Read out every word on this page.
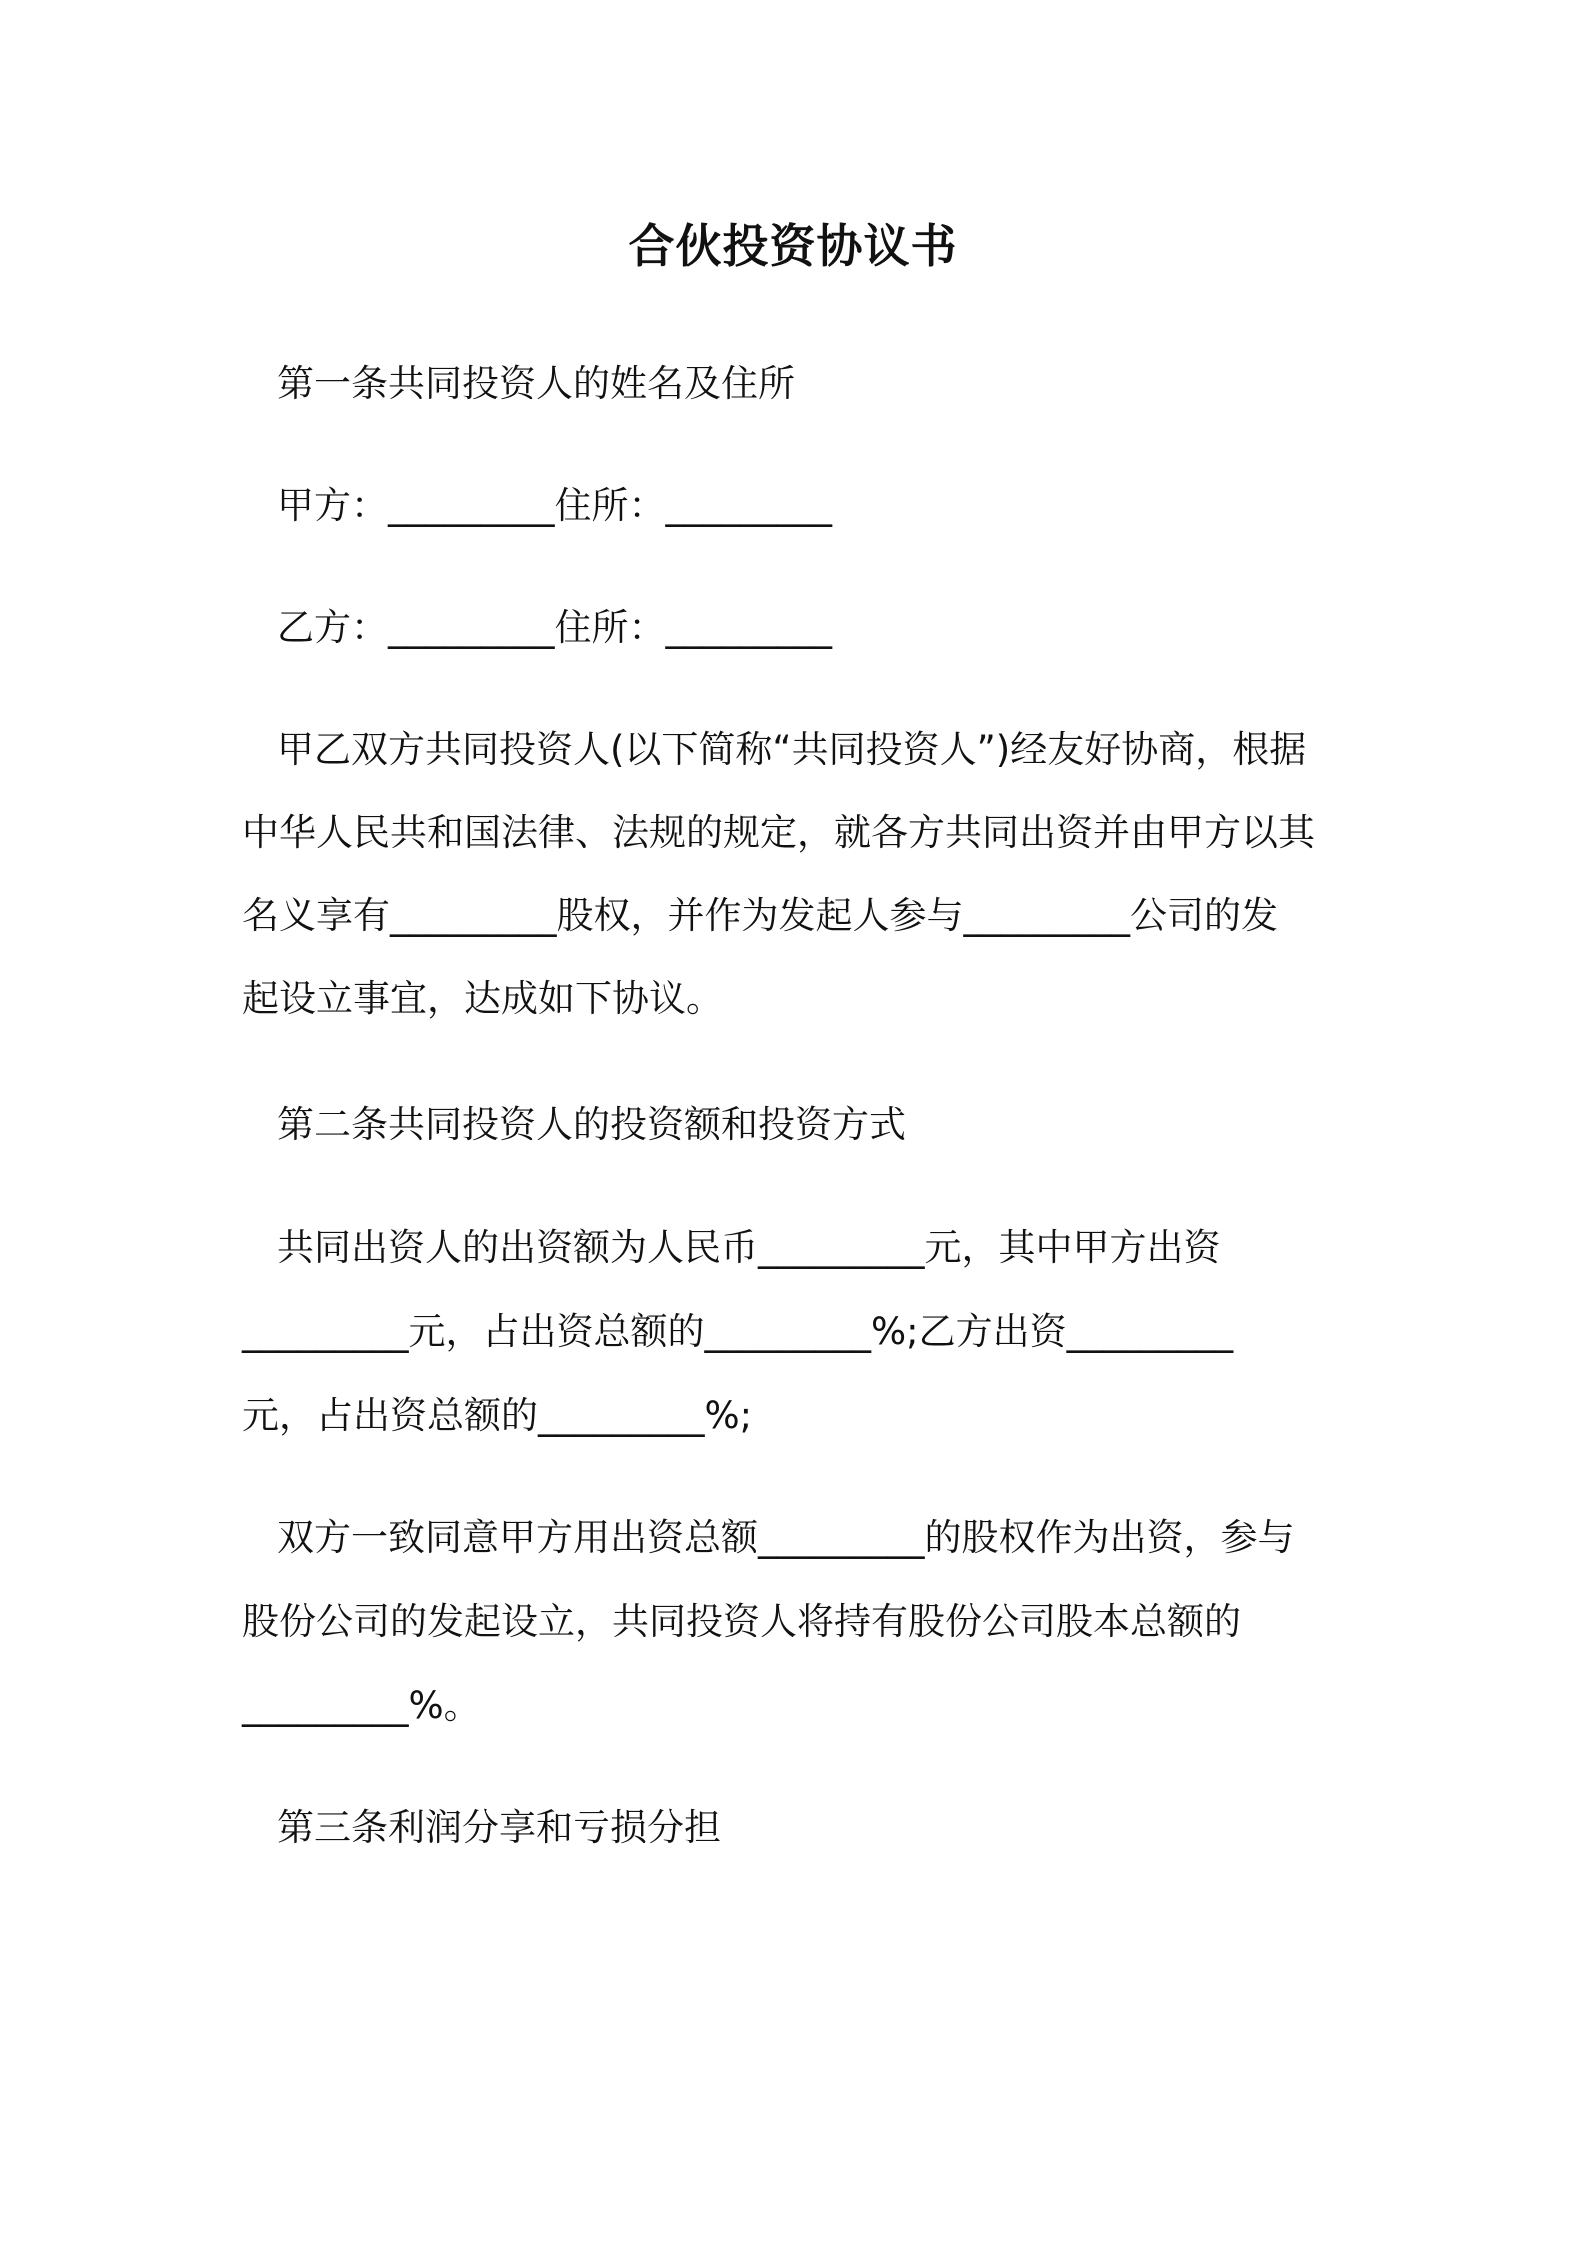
合伙投资协议书

第一条共同投资人的姓名及住所

甲方：_________住所：_________

乙方：_________住所：_________

甲乙双方共同投资人(以下简称“共同投资人”)经友好协商，根据

中华人民共和国法律、法规的规定，就各方共同出资并由甲方以其

名义享有_________股权，并作为发起人参与_________公司的发

起设立事宜，达成如下协议。

第二条共同投资人的投资额和投资方式

共同出资人的出资额为人民币_________元，其中甲方出资

_________元，占出资总额的_________%;乙方出资_________

元，占出资总额的_________%;

双方一致同意甲方用出资总额_________的股权作为出资，参与

股份公司的发起设立，共同投资人将持有股份公司股本总额的

_________%。

第三条利润分享和亏损分担
